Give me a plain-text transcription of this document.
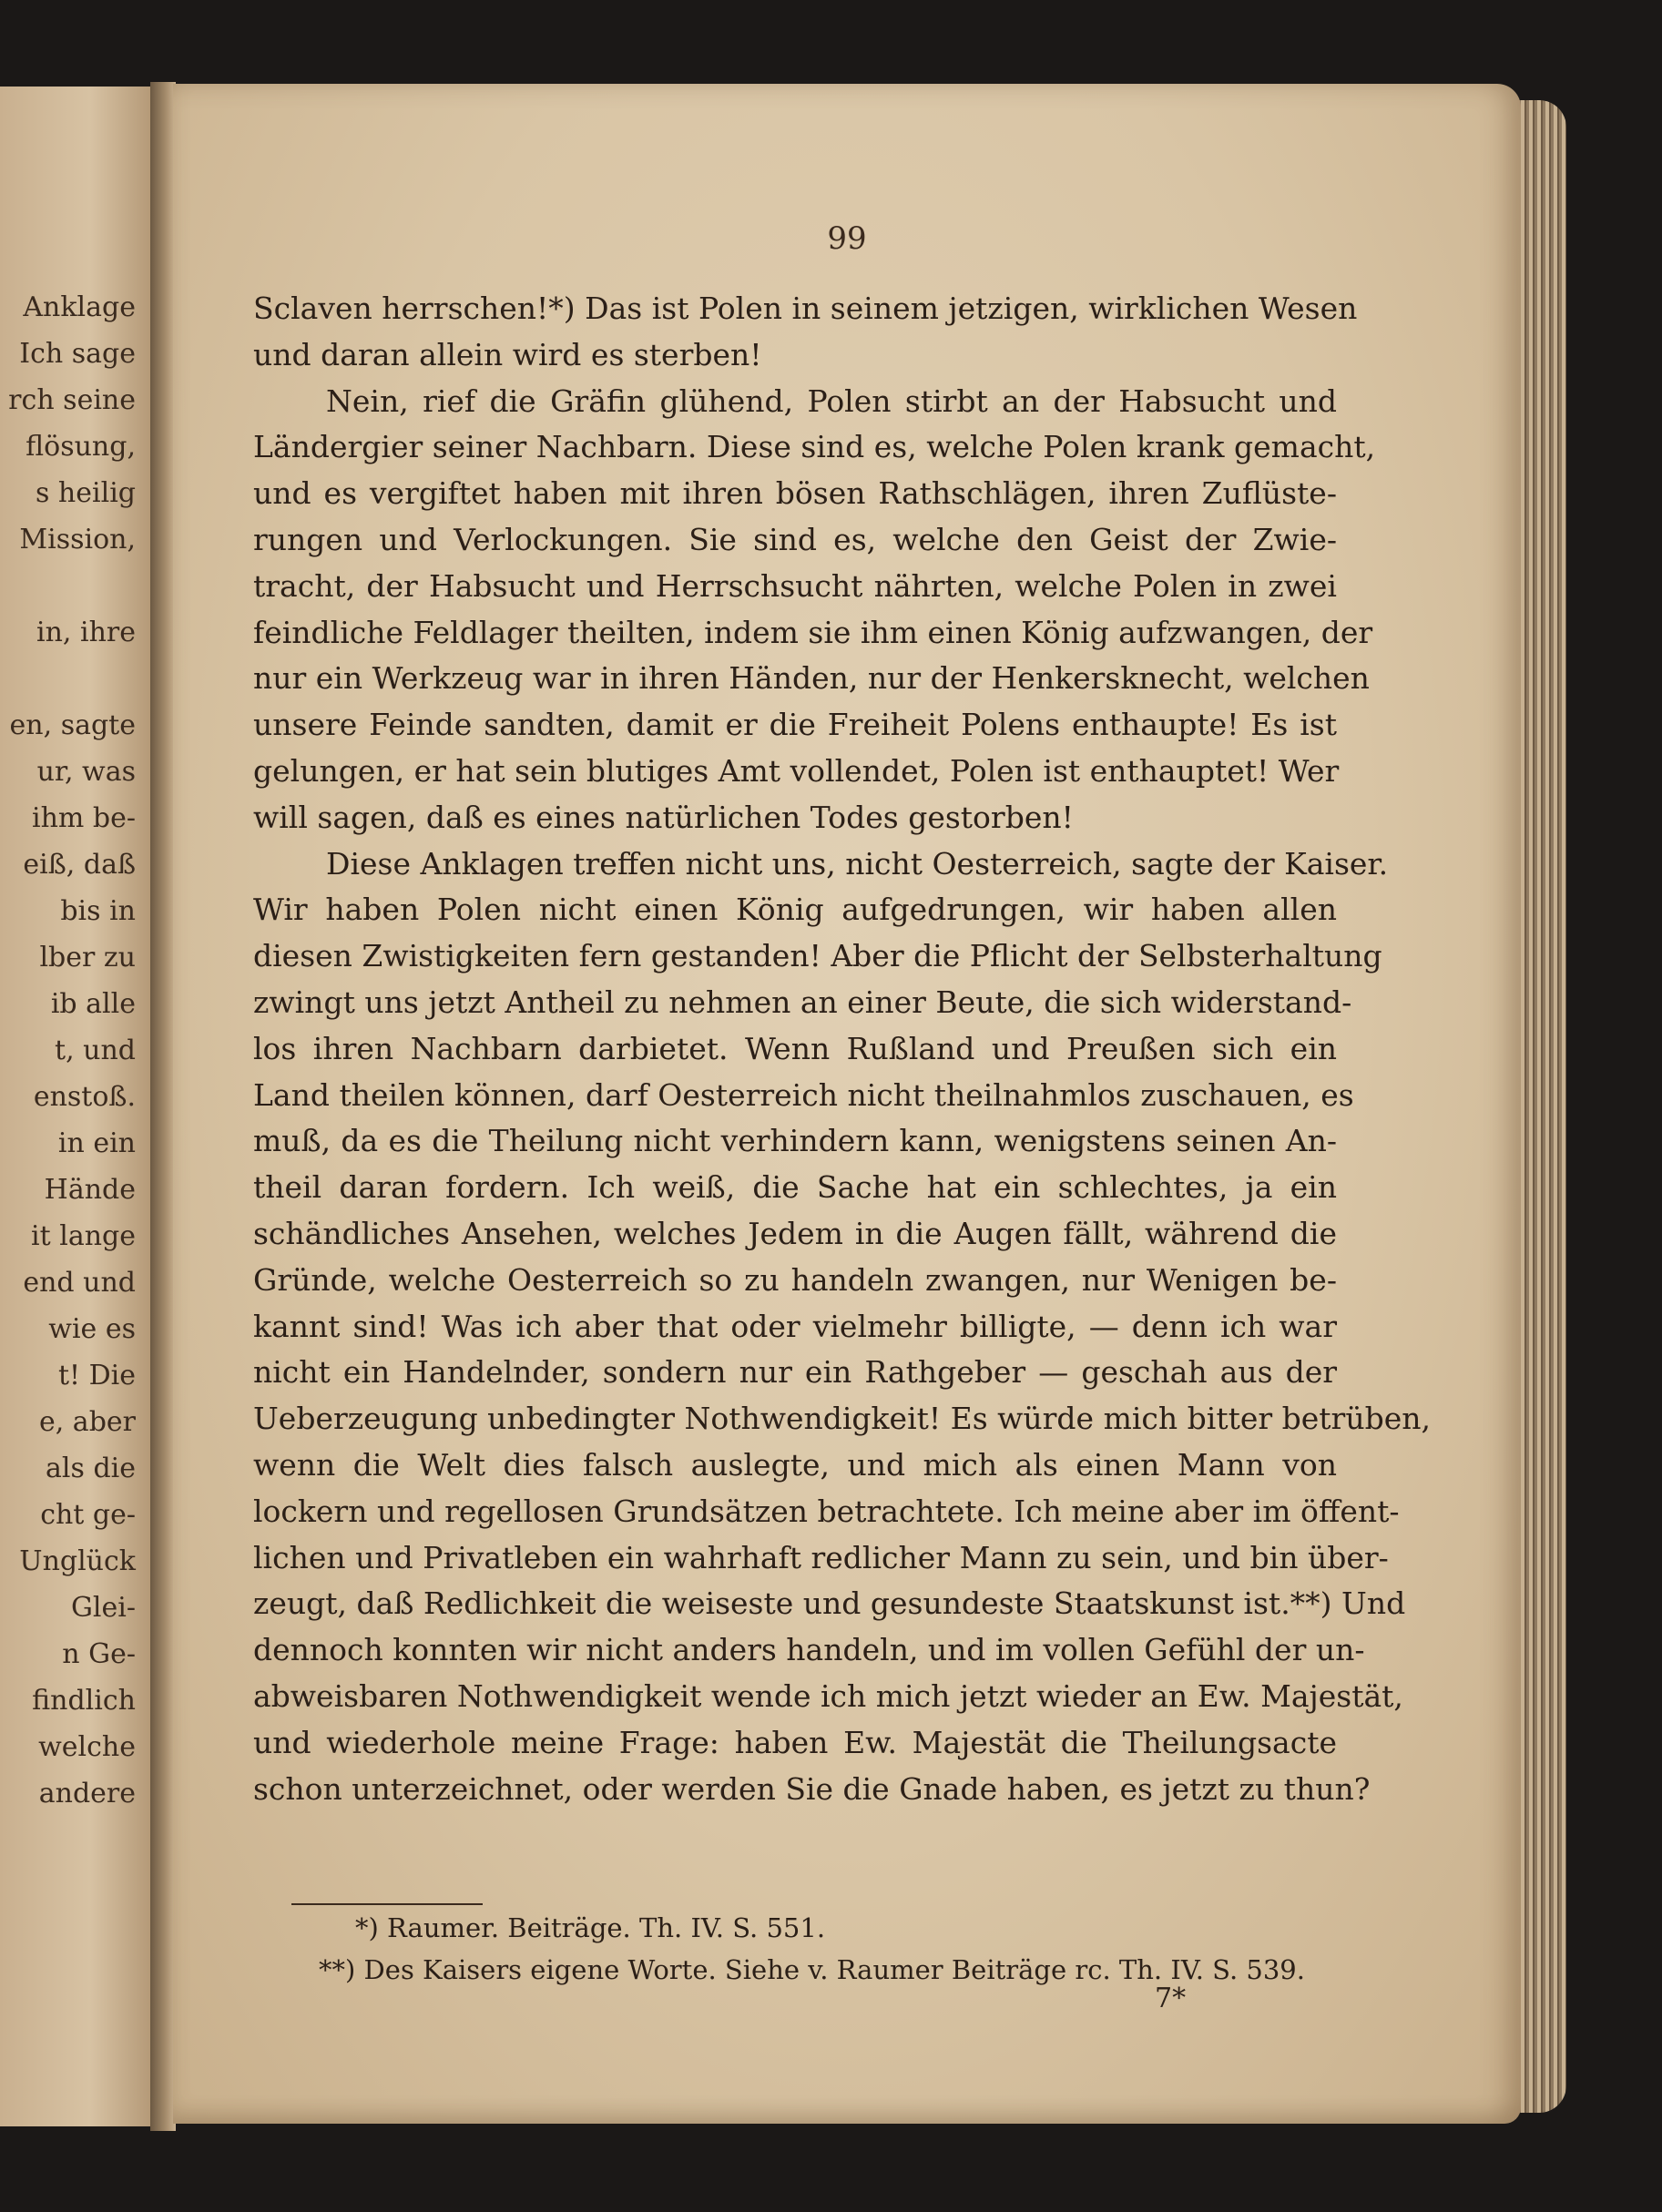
Anklage
Ich sage
rch seine
flösung,
s heilig
Mission,
in, ihre
en, sagte
ur, was
ihm be-
eiß, daß
bis in
lber zu
ib alle
t, und
enstoß.
in ein
Hände
it lange
end und
wie es
t! Die
e, aber
als die
cht ge-
Unglück
Glei-
n Ge-
findlich
welche
andere
99
Sclaven herrschen!*) Das ist Polen in seinem jetzigen, wirklichen Wesen
und daran allein wird es sterben!
Nein, rief die Gräfin glühend, Polen stirbt an der Habsucht und
Ländergier seiner Nachbarn. Diese sind es, welche Polen krank gemacht,
und es vergiftet haben mit ihren bösen Rathschlägen, ihren Zuflüste-
rungen und Verlockungen. Sie sind es, welche den Geist der Zwie-
tracht, der Habsucht und Herrschsucht nährten, welche Polen in zwei
feindliche Feldlager theilten, indem sie ihm einen König aufzwangen, der
nur ein Werkzeug war in ihren Händen, nur der Henkersknecht, welchen
unsere Feinde sandten, damit er die Freiheit Polens enthaupte! Es ist
gelungen, er hat sein blutiges Amt vollendet, Polen ist enthauptet! Wer
will sagen, daß es eines natürlichen Todes gestorben!
Diese Anklagen treffen nicht uns, nicht Oesterreich, sagte der Kaiser.
Wir haben Polen nicht einen König aufgedrungen, wir haben allen
diesen Zwistigkeiten fern gestanden! Aber die Pflicht der Selbsterhaltung
zwingt uns jetzt Antheil zu nehmen an einer Beute, die sich widerstand-
los ihren Nachbarn darbietet. Wenn Rußland und Preußen sich ein
Land theilen können, darf Oesterreich nicht theilnahmlos zuschauen, es
muß, da es die Theilung nicht verhindern kann, wenigstens seinen An-
theil daran fordern. Ich weiß, die Sache hat ein schlechtes, ja ein
schändliches Ansehen, welches Jedem in die Augen fällt, während die
Gründe, welche Oesterreich so zu handeln zwangen, nur Wenigen be-
kannt sind! Was ich aber that oder vielmehr billigte, — denn ich war
nicht ein Handelnder, sondern nur ein Rathgeber — geschah aus der
Ueberzeugung unbedingter Nothwendigkeit! Es würde mich bitter betrüben,
wenn die Welt dies falsch auslegte, und mich als einen Mann von
lockern und regellosen Grundsätzen betrachtete. Ich meine aber im öffent-
lichen und Privatleben ein wahrhaft redlicher Mann zu sein, und bin über-
zeugt, daß Redlichkeit die weiseste und gesundeste Staatskunst ist.**) Und
dennoch konnten wir nicht anders handeln, und im vollen Gefühl der un-
abweisbaren Nothwendigkeit wende ich mich jetzt wieder an Ew. Majestät,
und wiederhole meine Frage: haben Ew. Majestät die Theilungsacte
schon unterzeichnet, oder werden Sie die Gnade haben, es jetzt zu thun?
*) Raumer. Beiträge. Th. IV. S. 551.
**) Des Kaisers eigene Worte. Siehe v. Raumer Beiträge rc. Th. IV. S. 539.
7*
